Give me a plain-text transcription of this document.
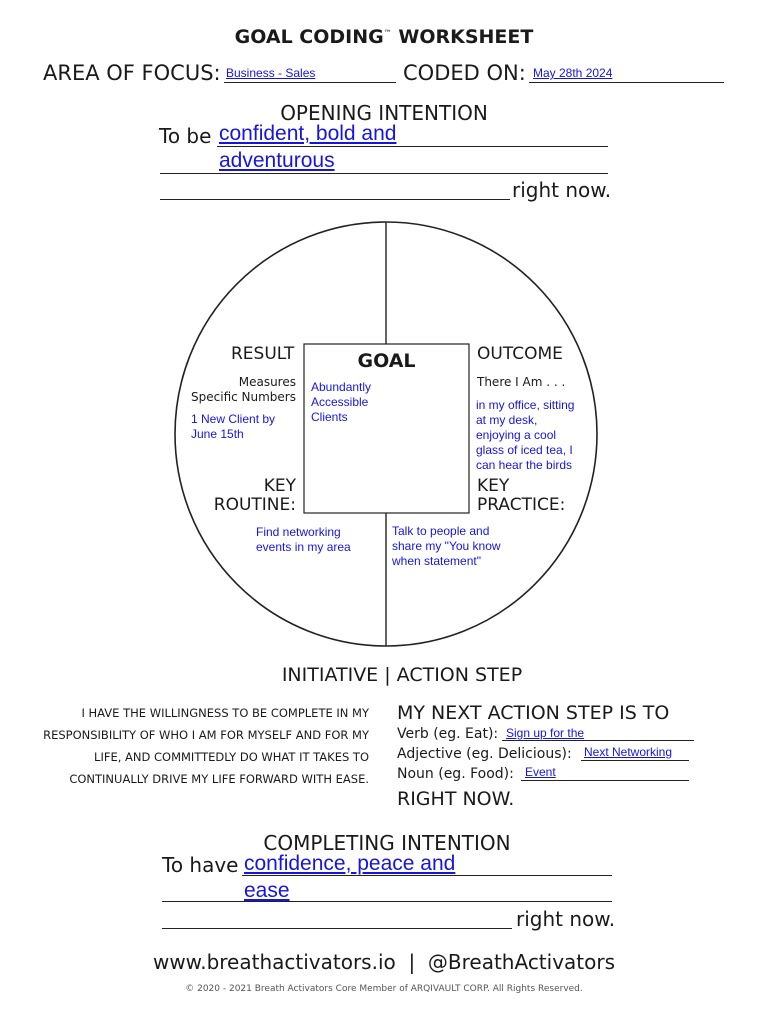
GOAL CODING™ WORKSHEET
AREA OF FOCUS: Business - Sales	CODED ON: May 28th 2024
OPENING INTENTION
To be confident, bold and
adventurous
right now.
RESULT
Measures
Specific Numbers
1 New Client by June 15th
GOAL
Abundantly Accessible Clients
OUTCOME
There I Am . . .
in my office, sitting at my desk, enjoying a cool glass of iced tea, I can hear the birds
KEY
ROUTINE:
Find networking events in my area
KEY
PRACTICE:
Talk to people and share my "You know when statement"
INITIATIVE | ACTION STEP
I HAVE THE WILLINGNESS TO BE COMPLETE IN MY RESPONSIBILITY OF WHO I AM FOR MYSELF AND FOR MY LIFE, AND COMMITTEDLY DO WHAT IT TAKES TO CONTINUALLY DRIVE MY LIFE FORWARD WITH EASE.
MY NEXT ACTION STEP IS TO
Verb (eg. Eat): Sign up for the
Adjective (eg. Delicious): Next Networking
Noun (eg. Food): Event
RIGHT NOW.
COMPLETING INTENTION
To have confidence, peace and
ease
right now.
www.breathactivators.io  |  @BreathActivators
© 2020 - 2021 Breath Activators Core Member of ARQIVAULT CORP. All Rights Reserved.
